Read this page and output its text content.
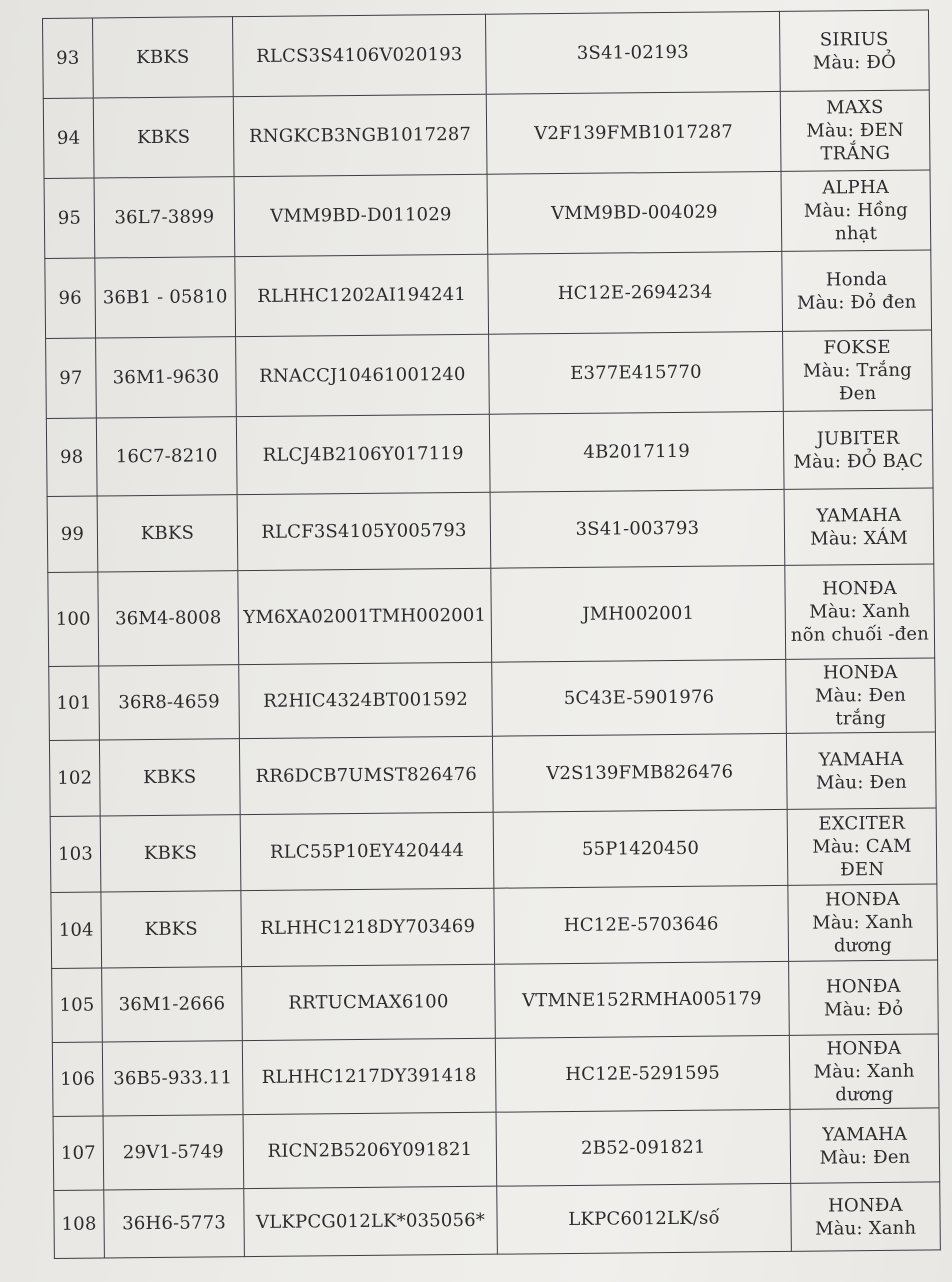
93	KBKS	RLCS3S4106V020193	3S41-02193	SIRIUS
Màu: ĐỎ

94	KBKS	RNGKCB3NGB1017287	V2F139FMB1017287	MAXS
Màu: ĐEN TRẮNG

95	36L7-3899	VMM9BD-D011029	VMM9BD-004029	ALPHA
Màu: Hồng nhạt

96	36B1 - 05810	RLHHC1202AI194241	HC12E-2694234	Honda
Màu: Đỏ đen

97	36M1-9630	RNACCJ10461001240	E377E415770	FOKSE
Màu: Trắng Đen

98	16C7-8210	RLCJ4B2106Y017119	4B2017119	JUBITER
Màu: ĐỎ BẠC

99	KBKS	RLCF3S4105Y005793	3S41-003793	YAMAHA
Màu: XÁM

100	36M4-8008	YM6XA02001TMH002001	JMH002001	HONĐA
Màu: Xanh nõn chuối -đen

101	36R8-4659	R2HIC4324BT001592	5C43E-5901976	HONĐA
Màu: Đen trắng

102	KBKS	RR6DCB7UMST826476	V2S139FMB826476	YAMAHA
Màu: Đen

103	KBKS	RLC55P10EY420444	55P1420450	EXCITER
Màu: CAM ĐEN

104	KBKS	RLHHC1218DY703469	HC12E-5703646	HONĐA
Màu: Xanh dương

105	36M1-2666	RRTUCMAX6100	VTMNE152RMHA005179	HONĐA
Màu: Đỏ

106	36B5-933.11	RLHHC1217DY391418	HC12E-5291595	HONĐA
Màu: Xanh dương

107	29V1-5749	RICN2B5206Y091821	2B52-091821	YAMAHA
Màu: Đen

108	36H6-5773	VLKPCG012LK*035056*	LKPC6012LK/số	HONĐA
Màu: Xanh
